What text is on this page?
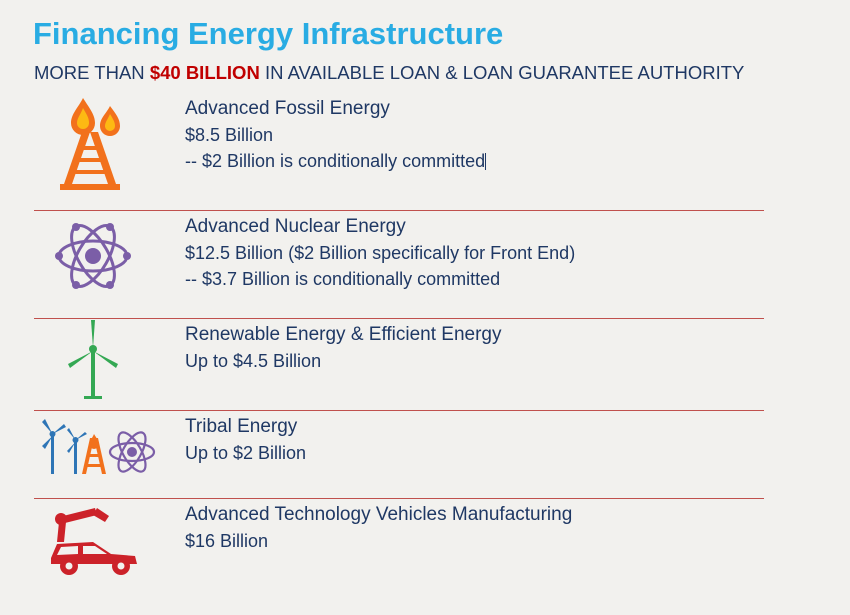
Financing Energy Infrastructure
MORE THAN $40 BILLION IN AVAILABLE LOAN & LOAN GUARANTEE AUTHORITY
Advanced Fossil Energy
$8.5 Billion
-- $2 Billion is conditionally committed
Advanced Nuclear Energy
$12.5 Billion ($2 Billion specifically for Front End)
-- $3.7 Billion is conditionally committed
Renewable Energy & Efficient Energy
Up to $4.5 Billion
Tribal Energy
Up to $2 Billion
Advanced Technology Vehicles Manufacturing
$16 Billion
